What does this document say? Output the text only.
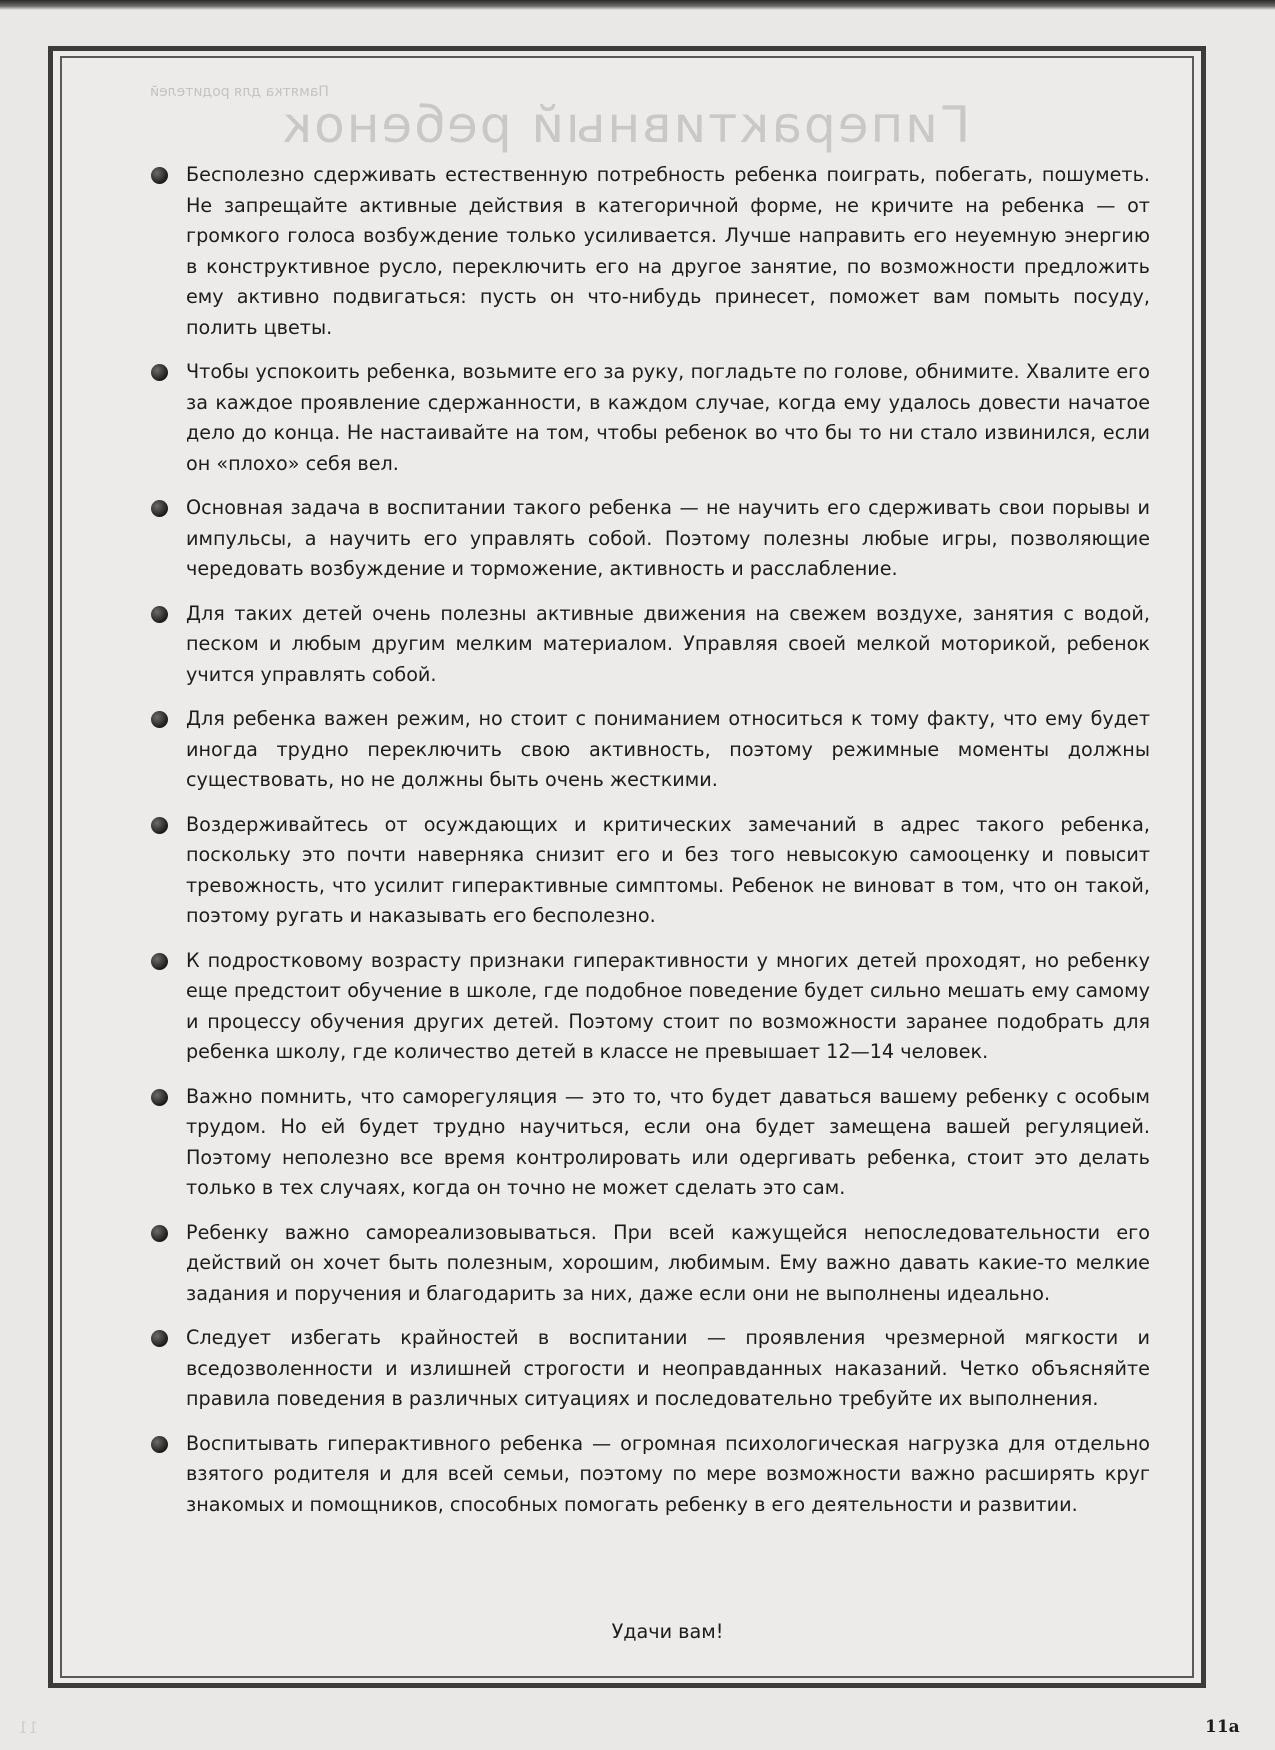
Памятка для родителей
Гиперактивный ребенок
11
Бесполезно сдерживать естественную потребность ребенка поиграть, побегать, пошуметь. Не запрещайте активные действия в категоричной форме, не кричите на ребенка — от громкого голоса возбуждение только усиливается. Лучше направить его неуемную энергию в конструктивное русло, переключить его на другое занятие, по возможности предложить ему активно подвигаться: пусть он что-нибудь принесет, поможет вам помыть посуду, полить цветы.
Чтобы успокоить ребенка, возьмите его за руку, погладьте по голове, обнимите. Хвалите его за каждое проявление сдержанности, в каждом случае, когда ему удалось довести начатое дело до конца. Не настаивайте на том, чтобы ребенок во что бы то ни стало извинился, если он «плохо» себя вел.
Основная задача в воспитании такого ребенка — не научить его сдерживать свои порывы и импульсы, а научить его управлять собой. Поэтому полезны любые игры, позволяющие чередовать возбуждение и торможение, активность и расслабление.
Для таких детей очень полезны активные движения на свежем воздухе, занятия с водой, песком и любым другим мелким материалом. Управляя своей мелкой моторикой, ребенок учится управлять собой.
Для ребенка важен режим, но стоит с пониманием относиться к тому факту, что ему будет иногда трудно переключить свою активность, поэтому режимные моменты должны существовать, но не должны быть очень жесткими.
Воздерживайтесь от осуждающих и критических замечаний в адрес такого ребенка, поскольку это почти наверняка снизит его и без того невысокую самооценку и повысит тревожность, что усилит гиперактивные симптомы. Ребенок не виноват в том, что он такой, поэтому ругать и наказывать его бесполезно.
К подростковому возрасту признаки гиперактивности у многих детей проходят, но ребенку еще предстоит обучение в школе, где подобное поведение будет сильно мешать ему самому и процессу обучения других детей. Поэтому стоит по возможности заранее подобрать для ребенка школу, где количество детей в классе не превышает 12—14 человек.
Важно помнить, что саморегуляция — это то, что будет даваться вашему ребенку с особым трудом. Но ей будет трудно научиться, если она будет замещена вашей регуляцией. Поэтому неполезно все время контролировать или одергивать ребенка, стоит это делать только в тех случаях, когда он точно не может сделать это сам.
Ребенку важно самореализовываться. При всей кажущейся непоследовательности его действий он хочет быть полезным, хорошим, любимым. Ему важно давать какие-то мелкие задания и поручения и благодарить за них, даже если они не выполнены идеально.
Следует избегать крайностей в воспитании — проявления чрезмерной мягкости и вседозволенности и излишней строгости и неоправданных наказаний. Четко объясняйте правила поведения в различных ситуациях и последовательно требуйте их выполнения.
Воспитывать гиперактивного ребенка — огромная психологическая нагрузка для отдельно взятого родителя и для всей семьи, поэтому по мере возможности важно расширять круг знакомых и помощников, способных помогать ребенку в его деятельности и развитии.

Удачи вам!

11а
